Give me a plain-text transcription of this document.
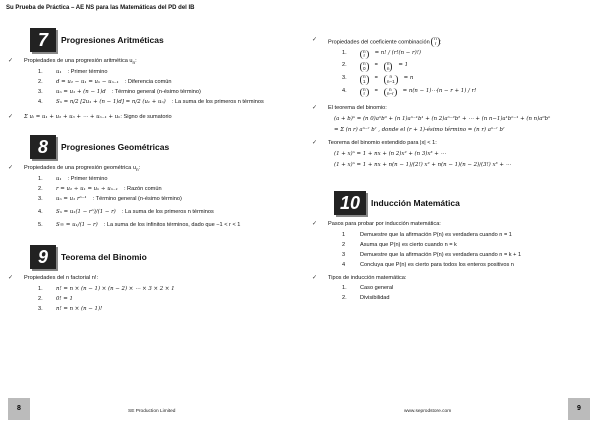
Su Prueba de Práctica – AE NS para las Matemáticas del PD del IB
7	Progresiones Aritméticas
✓	Propiedades de una progresión aritmética $u_n$:
1.	u₁ : Primer término
2.	d = u₂ − u₁ = uₙ − uₙ₋₁ : Diferencia común
3.	uₙ = u₁ + (n − 1)d : Término general (n-ésimo término)
4.	Sₙ = n/2 [2u₁ + (n − 1)d] = n/2 (u₁ + uₙ) : La suma de los primeros n términos
✓	Σ uᵢ = u₁ + u₂ + u₃ + ⋯ + uₙ₋₁ + uₙ: Signo de sumatorio
8	Progresiones Geométricas
✓	Propiedades de una progresión geométrica $u_n$:
1.	u₁ : Primer término
2.	r = u₂ ÷ u₁ = uₙ ÷ uₙ₋₁ : Razón común
3.	uₙ = u₁ rⁿ⁻¹ : Término general (n-ésimo término)
4.	Sₙ = u₁(1 − rⁿ)/(1 − r) : La suma de los primeros n términos
5.	S∞ = u₁/(1 − r) : La suma de los infinitos términos, dado que −1 < r < 1
9	Teorema del Binomio
✓	Propiedades del n factorial n!:
1.	n! = n × (n − 1) × (n − 2) × ⋯ × 3 × 2 × 1
2.	0! = 1
3.	n! = n × (n − 1)!
✓	Propiedades del coeficiente combinación
n
r :
1.	n
r
= n! / (r!(n − r)!)
2.	n
0
= n
n
= 1
3.	n
1
=	n
n−1
= n
4.	n
r
= n
n−r
= n(n − 1)⋯(n − r + 1) / r!
✓	El teorema del binomio:
(a + b)ⁿ = (n 0)aⁿb⁰ + (n 1)aⁿ⁻¹b¹ + (n 2)aⁿ⁻²b² + ⋯ + (n n−1)a¹bⁿ⁻¹ + (n n)a⁰bⁿ
= Σ (n r) aⁿ⁻ʳ bʳ , donde el (r + 1)-ésimo término = (n r) aⁿ⁻ʳ bʳ
✓	Teorema del binomio extendido para |x| < 1:
(1 + x)ⁿ = 1 + nx + (n 2)x² + (n 3)x³ + ⋯
(1 + x)ⁿ = 1 + nx + n(n − 1)/(2!) x² + n(n − 1)(n − 2)/(3!) x³ + ⋯
10	Inducción Matemática
✓	Pasos para probar por inducción matemática:
1	Demuestre que la afirmación P(n) es verdadera cuando n = 1
2	Asuma que P(n) es cierto cuando n = k
3	Demuestre que la afirmación P(n) es verdadera cuando n = k + 1
4	Concluya que P(n) es cierto para todos los enteros positivos n
✓	Tipos de inducción matemática:
1.	Caso general
2.	Divisibilidad
8	SE Production Limited	www.seprodstore.com	9
